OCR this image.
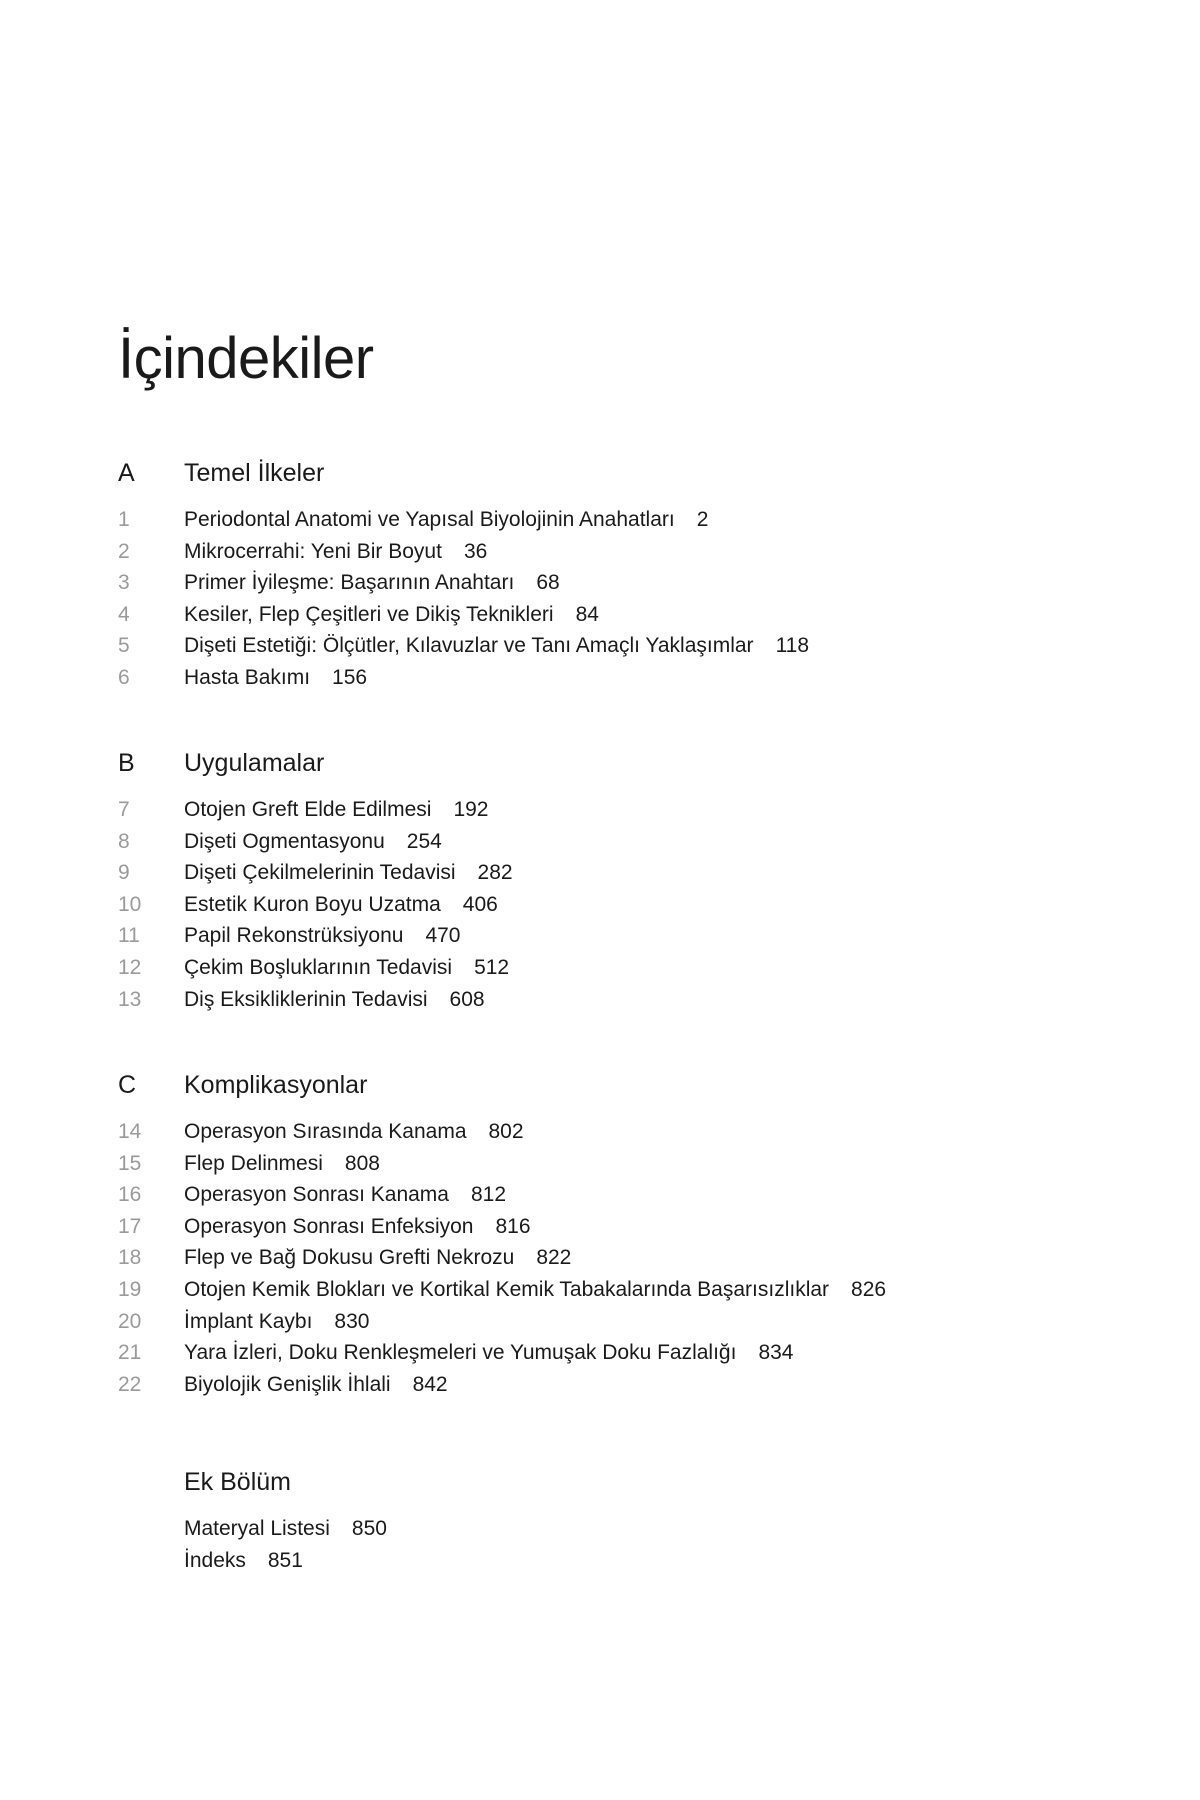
İçindekiler
A Temel İlkeler
1	Periodontal Anatomi ve Yapısal Biyolojinin Anahatları 2
2	Mikrocerrahi: Yeni Bir Boyut 36
3	Primer İyileşme: Başarının Anahtarı 68
4	Kesiler, Flep Çeşitleri ve Dikiş Teknikleri 84
5	Dişeti Estetiği: Ölçütler, Kılavuzlar ve Tanı Amaçlı Yaklaşımlar 118
6	Hasta Bakımı 156
B Uygulamalar
7	Otojen Greft Elde Edilmesi 192
8	Dişeti Ogmentasyonu 254
9	Dişeti Çekilmelerinin Tedavisi 282
10 Estetik Kuron Boyu Uzatma 406
11 Papil Rekonstrüksiyonu 470
12 Çekim Boşluklarının Tedavisi 512
13 Diş Eksikliklerinin Tedavisi 608
C Komplikasyonlar
14 Operasyon Sırasında Kanama 802
15 Flep Delinmesi 808
16 Operasyon Sonrası Kanama 812
17 Operasyon Sonrası Enfeksiyon 816
18 Flep ve Bağ Dokusu Grefti Nekrozu 822
19 Otojen Kemik Blokları ve Kortikal Kemik Tabakalarında Başarısızlıklar 826
20 İmplant Kaybı 830
21 Yara İzleri, Doku Renkleşmeleri ve Yumuşak Doku Fazlalığı 834
22 Biyolojik Genişlik İhlali 842
Ek Bölüm
Materyal Listesi 850
İndeks 851
